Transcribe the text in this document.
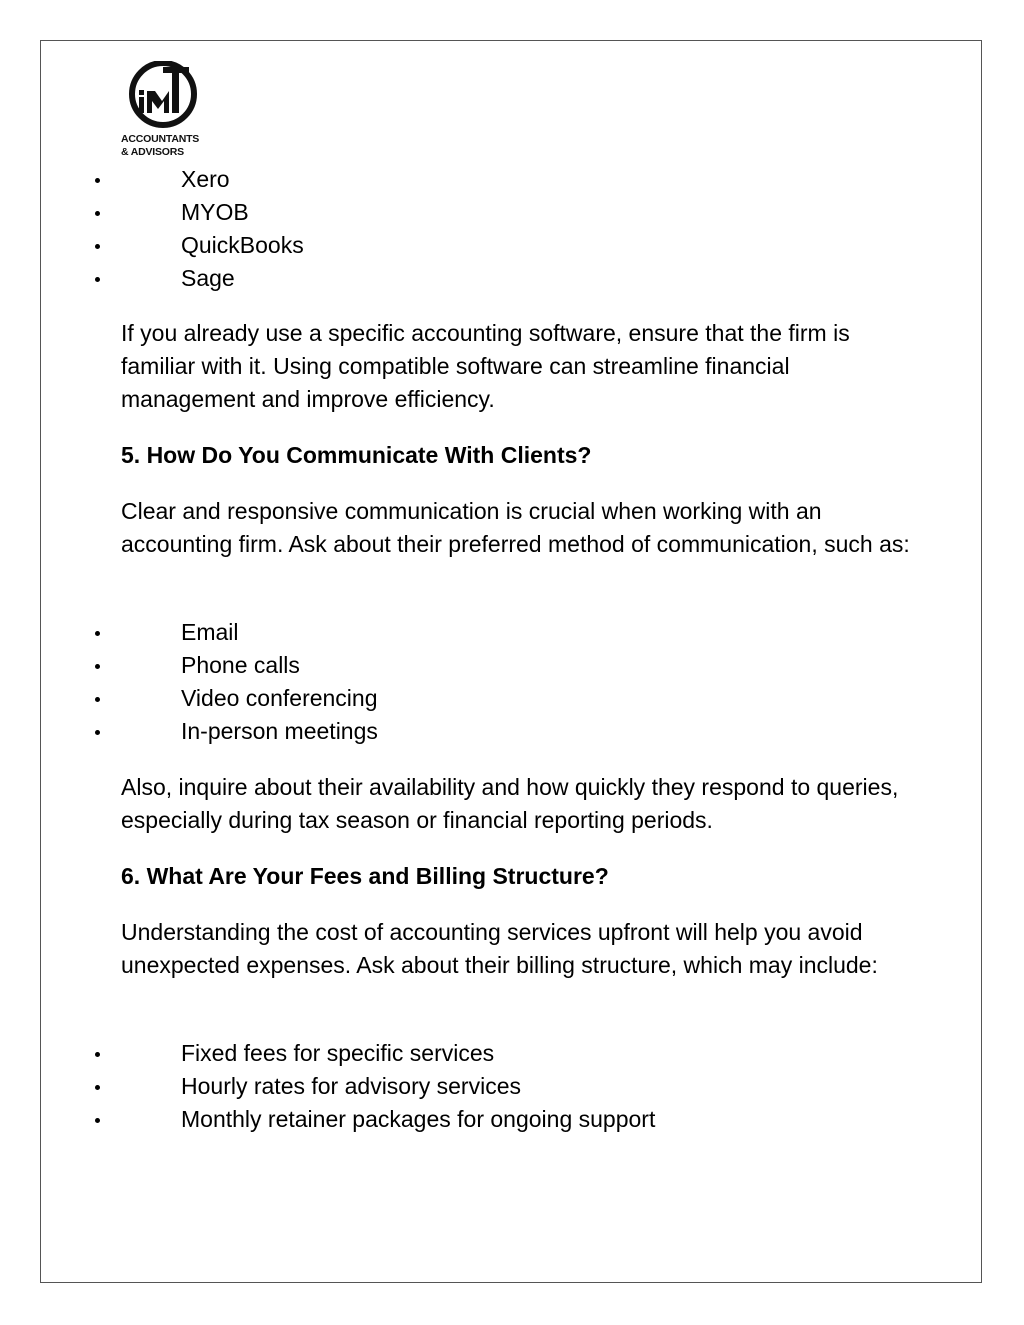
ACCOUNTANTS
& ADVISORS
Xero
MYOB
QuickBooks
Sage
If you already use a specific accounting software, ensure that the firm is familiar with it. Using compatible software can streamline financial management and improve efficiency.
5. How Do You Communicate With Clients?
Clear and responsive communication is crucial when working with an accounting firm. Ask about their preferred method of communication, such as:
Email
Phone calls
Video conferencing
In-person meetings
Also, inquire about their availability and how quickly they respond to queries, especially during tax season or financial reporting periods.
6. What Are Your Fees and Billing Structure?
Understanding the cost of accounting services upfront will help you avoid unexpected expenses. Ask about their billing structure, which may include:
Fixed fees for specific services
Hourly rates for advisory services
Monthly retainer packages for ongoing support
